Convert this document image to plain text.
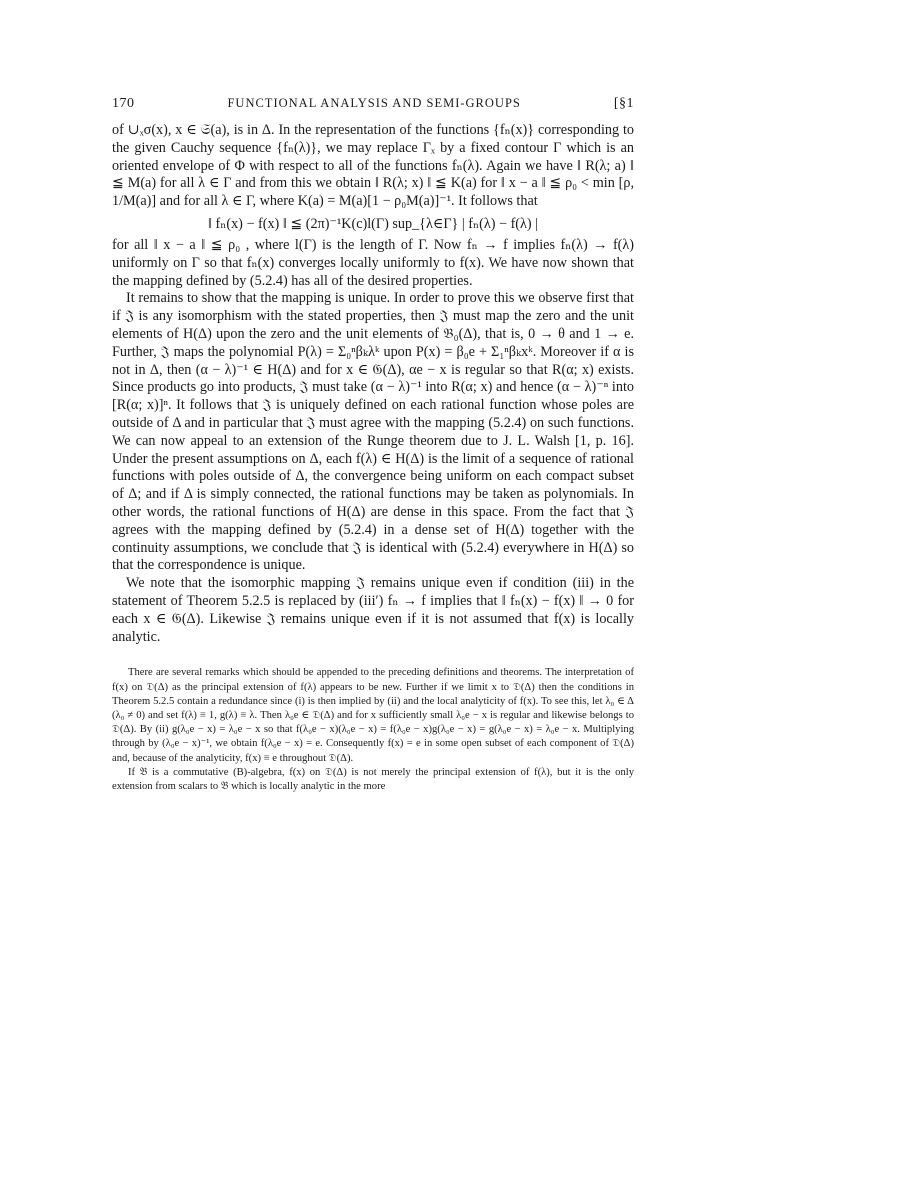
170	FUNCTIONAL ANALYSIS AND SEMI-GROUPS	[§1

of ∪ₓσ(x), x ∈ 𝔖(a), is in Δ. In the representation of the functions {fₙ(x)} corresponding to the given Cauchy sequence {fₙ(λ)}, we may replace Γₓ by a fixed contour Γ which is an oriented envelope of Φ with respect to all of the functions fₙ(λ). Again we have ‖ R(λ; a) ‖ ≦ M(a) for all λ ∈ Γ and from this we obtain ‖ R(λ; x) ‖ ≦ K(a) for ‖ x − a ‖ ≦ ρ₀ < min [ρ, 1/M(a)] and for all λ ∈ Γ, where K(a) = M(a)[1 − ρ₀M(a)]⁻¹. It follows that

‖ fₙ(x) − f(x) ‖ ≦ (2π)⁻¹K(c)l(Γ) sup_{λ∈Γ} | fₙ(λ) − f(λ) |

for all ‖ x − a ‖ ≦ ρ₀ , where l(Γ) is the length of Γ. Now fₙ → f implies fₙ(λ) → f(λ) uniformly on Γ so that fₙ(x) converges locally uniformly to f(x). We have now shown that the mapping defined by (5.2.4) has all of the desired properties.

It remains to show that the mapping is unique. In order to prove this we observe first that if 𝔍 is any isomorphism with the stated properties, then 𝔍 must map the zero and the unit elements of H(Δ) upon the zero and the unit elements of 𝔅₀(Δ), that is, 0 → θ and 1 → e. Further, 𝔍 maps the polynomial P(λ) = Σ₀ⁿβₖλᵏ upon P(x) = β₀e + Σ₁ⁿβₖxᵏ. Moreover if α is not in Δ, then (α − λ)⁻¹ ∈ H(Δ) and for x ∈ 𝔊(Δ), αe − x is regular so that R(α; x) exists. Since products go into products, 𝔍 must take (α − λ)⁻¹ into R(α; x) and hence (α − λ)⁻ⁿ into [R(α; x)]ⁿ. It follows that 𝔍 is uniquely defined on each rational function whose poles are outside of Δ and in particular that 𝔍 must agree with the mapping (5.2.4) on such functions. We can now appeal to an extension of the Runge theorem due to J. L. Walsh [1, p. 16]. Under the present assumptions on Δ, each f(λ) ∈ H(Δ) is the limit of a sequence of rational functions with poles outside of Δ, the convergence being uniform on each compact subset of Δ; and if Δ is simply connected, the rational functions may be taken as polynomials. In other words, the rational functions of H(Δ) are dense in this space. From the fact that 𝔍 agrees with the mapping defined by (5.2.4) in a dense set of H(Δ) together with the continuity assumptions, we conclude that 𝔍 is identical with (5.2.4) everywhere in H(Δ) so that the correspondence is unique.

We note that the isomorphic mapping 𝔍 remains unique even if condition (iii) in the statement of Theorem 5.2.5 is replaced by (iii′) fₙ → f implies that ‖ fₙ(x) − f(x) ‖ → 0 for each x ∈ 𝔊(Δ). Likewise 𝔍 remains unique even if it is not assumed that f(x) is locally analytic.

There are several remarks which should be appended to the preceding definitions and theorems. The interpretation of f(x) on 𝔇(Δ) as the principal extension of f(λ) appears to be new. Further if we limit x to 𝔇(Δ) then the conditions in Theorem 5.2.5 contain a redundance since (i) is then implied by (ii) and the local analyticity of f(x). To see this, let λ₀ ∈ Δ (λ₀ ≠ 0) and set f(λ) ≡ 1, g(λ) ≡ λ. Then λ₀e ∈ 𝔇(Δ) and for x sufficiently small λ₀e − x is regular and likewise belongs to 𝔇(Δ). By (ii) g(λ₀e − x) = λ₀e − x so that f(λ₀e − x)(λ₀e − x) = f(λ₀e − x)g(λ₀e − x) = g(λ₀e − x) = λ₀e − x. Multiplying through by (λ₀e − x)⁻¹, we obtain f(λ₀e − x) = e. Consequently f(x) = e in some open subset of each component of 𝔇(Δ) and, because of the analyticity, f(x) ≡ e throughout 𝔇(Δ).

If 𝔅 is a commutative (B)-algebra, f(x) on 𝔇(Δ) is not merely the principal extension of f(λ), but it is the only extension from scalars to 𝔅 which is locally analytic in the more
